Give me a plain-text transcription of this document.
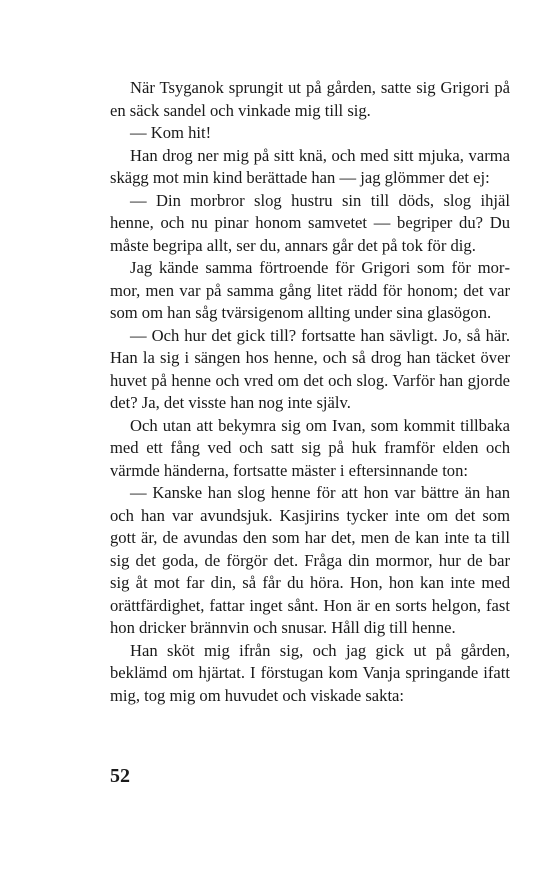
När Tsyganok sprungit ut på gården, satte sig Grigori på en säck sandel och vinkade mig till sig.

— Kom hit!

Han drog ner mig på sitt knä, och med sitt mjuka, varma skägg mot min kind berättade han — jag glömmer det ej:

— Din morbror slog hustru sin till döds, slog ihjäl henne, och nu pinar honom samvetet — begriper du? Du måste begripa allt, ser du, annars går det på tok för dig.

Jag kände samma förtroende för Grigori som för mormor, men var på samma gång litet rädd för honom; det var som om han såg tvärsigenom allting under sina glasögon.

— Och hur det gick till? fortsatte han sävligt. Jo, så här. Han la sig i sängen hos henne, och så drog han täcket över huvet på henne och vred om det och slog. Varför han gjorde det? Ja, det visste han nog inte själv.

Och utan att bekymra sig om Ivan, som kommit tillbaka med ett fång ved och satt sig på huk framför elden och värmde händerna, fortsatte mäster i eftersinnande ton:

— Kanske han slog henne för att hon var bättre än han och han var avundsjuk. Kasjirins tycker inte om det som gott är, de avundas den som har det, men de kan inte ta till sig det goda, de förgör det. Fråga din mormor, hur de bar sig åt mot far din, så får du höra. Hon, hon kan inte med orättfärdighet, fattar inget sånt. Hon är en sorts helgon, fast hon dricker brännvin och snusar. Håll dig till henne.

Han sköt mig ifrån sig, och jag gick ut på gården, beklämd om hjärtat. I förstugan kom Vanja springande ifatt mig, tog mig om huvudet och viskade sakta:

52
